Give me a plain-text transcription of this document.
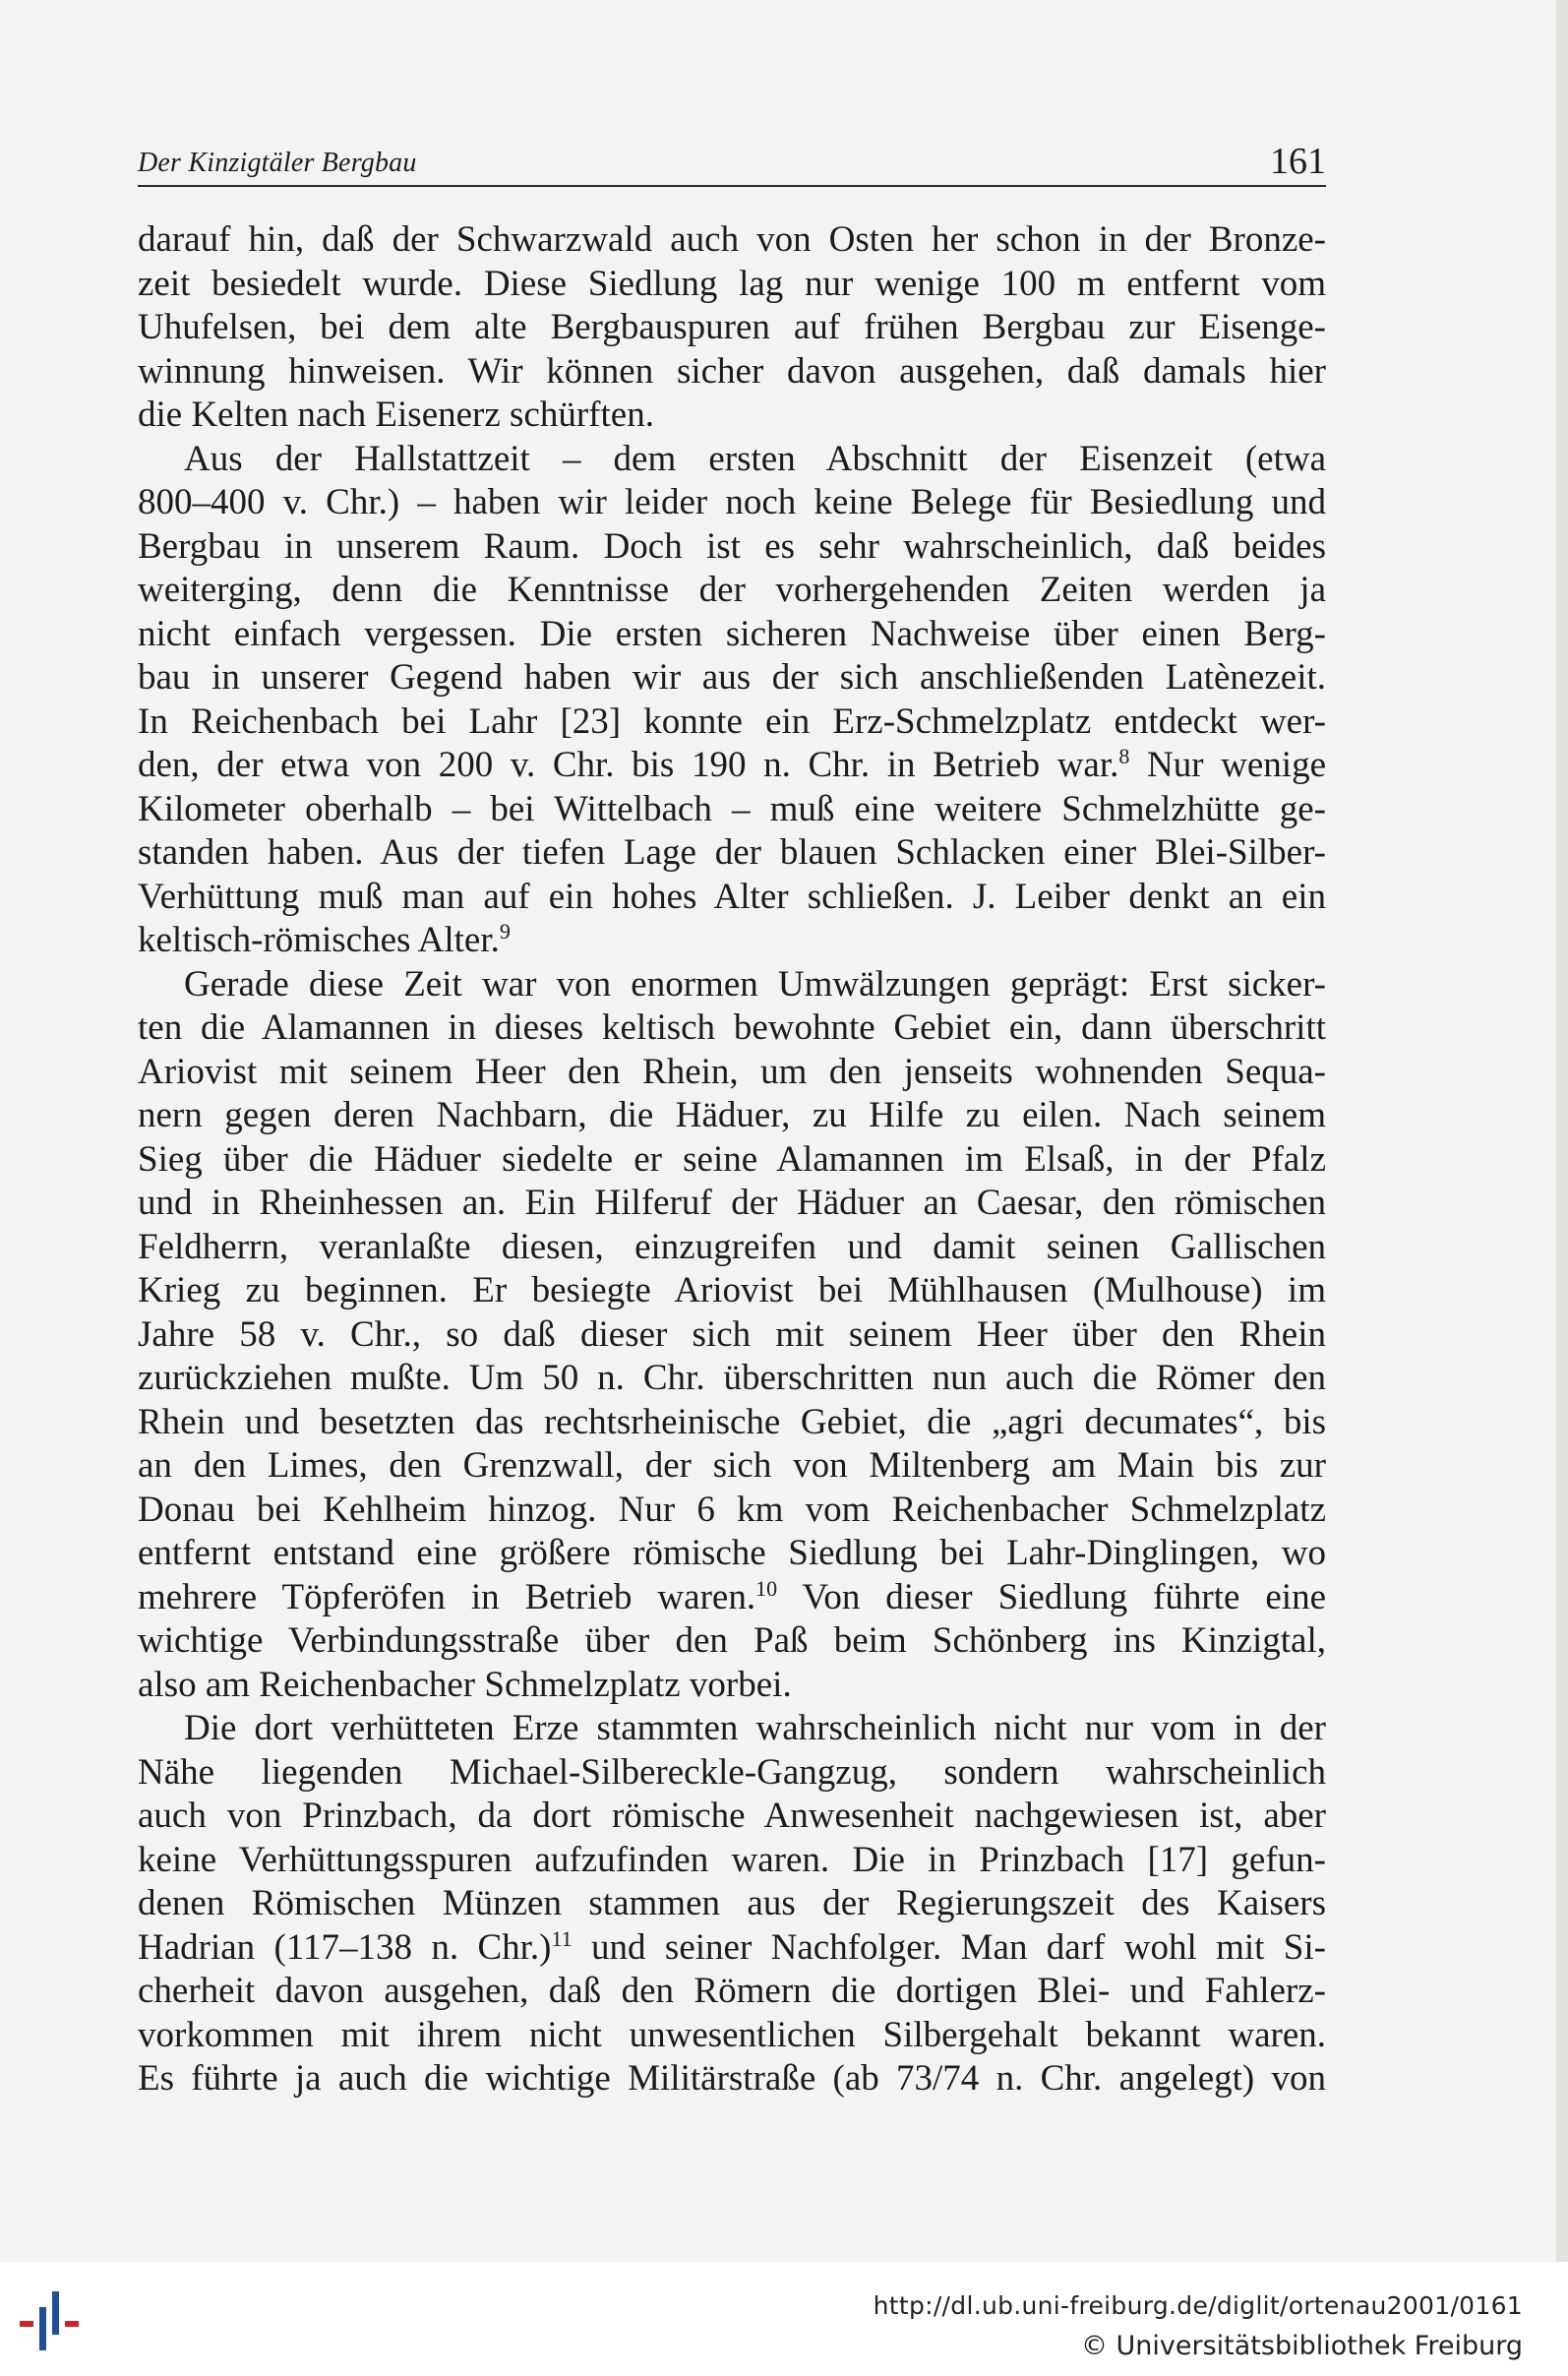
Der Kinzigtäler Bergbau	161

darauf hin, daß der Schwarzwald auch von Osten her schon in der Bronze-
zeit besiedelt wurde. Diese Siedlung lag nur wenige 100 m entfernt vom
Uhufelsen, bei dem alte Bergbauspuren auf frühen Bergbau zur Eisenge-
winnung hinweisen. Wir können sicher davon ausgehen, daß damals hier
die Kelten nach Eisenerz schürften.

Aus der Hallstattzeit – dem ersten Abschnitt der Eisenzeit (etwa
800–400 v. Chr.) – haben wir leider noch keine Belege für Besiedlung und
Bergbau in unserem Raum. Doch ist es sehr wahrscheinlich, daß beides
weiterging, denn die Kenntnisse der vorhergehenden Zeiten werden ja
nicht einfach vergessen. Die ersten sicheren Nachweise über einen Berg-
bau in unserer Gegend haben wir aus der sich anschließenden Latènezeit.
In Reichenbach bei Lahr [23] konnte ein Erz-Schmelzplatz entdeckt wer-
den, der etwa von 200 v. Chr. bis 190 n. Chr. in Betrieb war.$^8$ Nur wenige
Kilometer oberhalb – bei Wittelbach – muß eine weitere Schmelzhütte ge-
standen haben. Aus der tiefen Lage der blauen Schlacken einer Blei-Silber-
Verhüttung muß man auf ein hohes Alter schließen. J. Leiber denkt an ein
keltisch-römisches Alter.$^9$

Gerade diese Zeit war von enormen Umwälzungen geprägt: Erst sicker-
ten die Alamannen in dieses keltisch bewohnte Gebiet ein, dann überschritt
Ariovist mit seinem Heer den Rhein, um den jenseits wohnenden Sequa-
nern gegen deren Nachbarn, die Häduer, zu Hilfe zu eilen. Nach seinem
Sieg über die Häduer siedelte er seine Alamannen im Elsaß, in der Pfalz
und in Rheinhessen an. Ein Hilferuf der Häduer an Caesar, den römischen
Feldherrn, veranlaßte diesen, einzugreifen und damit seinen Gallischen
Krieg zu beginnen. Er besiegte Ariovist bei Mühlhausen (Mulhouse) im
Jahre 58 v. Chr., so daß dieser sich mit seinem Heer über den Rhein
zurückziehen mußte. Um 50 n. Chr. überschritten nun auch die Römer den
Rhein und besetzten das rechtsrheinische Gebiet, die „agri decumates“, bis
an den Limes, den Grenzwall, der sich von Miltenberg am Main bis zur
Donau bei Kehlheim hinzog. Nur 6 km vom Reichenbacher Schmelzplatz
entfernt entstand eine größere römische Siedlung bei Lahr-Dinglingen, wo
mehrere Töpferöfen in Betrieb waren.$^{10}$ Von dieser Siedlung führte eine
wichtige Verbindungsstraße über den Paß beim Schönberg ins Kinzigtal,
also am Reichenbacher Schmelzplatz vorbei.

Die dort verhütteten Erze stammten wahrscheinlich nicht nur vom in der
Nähe liegenden Michael-Silbereckle-Gangzug, sondern wahrscheinlich
auch von Prinzbach, da dort römische Anwesenheit nachgewiesen ist, aber
keine Verhüttungsspuren aufzufinden waren. Die in Prinzbach [17] gefun-
denen Römischen Münzen stammen aus der Regierungszeit des Kaisers
Hadrian (117–138 n. Chr.)$^{11}$ und seiner Nachfolger. Man darf wohl mit Si-
cherheit davon ausgehen, daß den Römern die dortigen Blei- und Fahlerz-
vorkommen mit ihrem nicht unwesentlichen Silbergehalt bekannt waren.
Es führte ja auch die wichtige Militärstraße (ab 73/74 n. Chr. angelegt) von

http://dl.ub.uni-freiburg.de/diglit/ortenau2001/0161
© Universitätsbibliothek Freiburg
